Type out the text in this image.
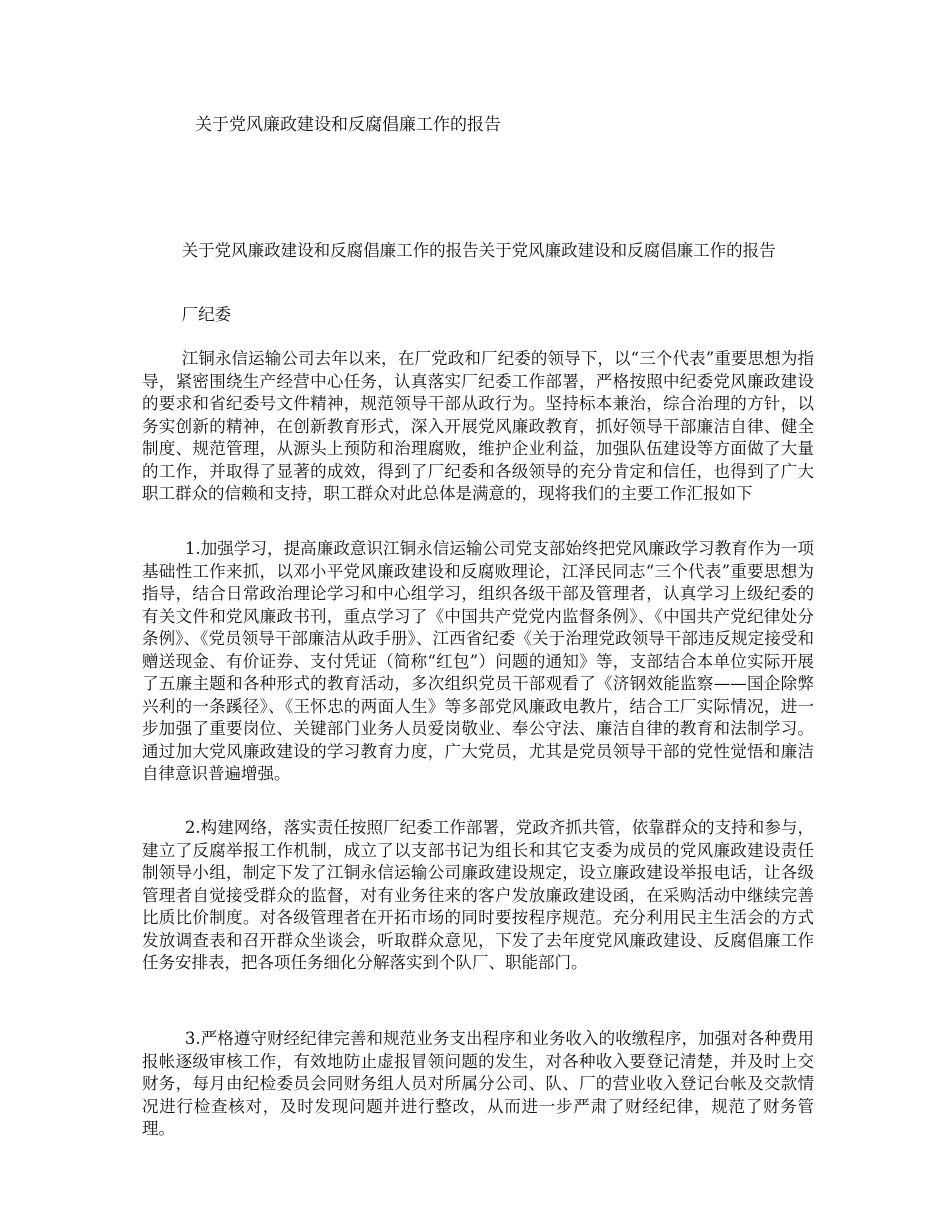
关于党风廉政建设和反腐倡廉工作的报告

关于党风廉政建设和反腐倡廉工作的报告关于党风廉政建设和反腐倡廉工作的报告

厂纪委

江铜永信运输公司去年以来，在厂党政和厂纪委的领导下，以“三个代表”重要思想为指导，紧密围绕生产经营中心任务，认真落实厂纪委工作部署，严格按照中纪委党风廉政建设的要求和省纪委号文件精神，规范领导干部从政行为。坚持标本兼治，综合治理的方针，以务实创新的精神，在创新教育形式，深入开展党风廉政教育，抓好领导干部廉洁自律、健全制度、规范管理，从源头上预防和治理腐败，维护企业利益，加强队伍建设等方面做了大量的工作，并取得了显著的成效，得到了厂纪委和各级领导的充分肯定和信任，也得到了广大职工群众的信赖和支持，职工群众对此总体是满意的，现将我们的主要工作汇报如下

1.加强学习，提高廉政意识江铜永信运输公司党支部始终把党风廉政学习教育作为一项基础性工作来抓，以邓小平党风廉政建设和反腐败理论，江泽民同志“三个代表”重要思想为指导，结合日常政治理论学习和中心组学习，组织各级干部及管理者，认真学习上级纪委的有关文件和党风廉政书刊，重点学习了《中国共产党党内监督条例》、《中国共产党纪律处分条例》、《党员领导干部廉洁从政手册》、江西省纪委《关于治理党政领导干部违反规定接受和赠送现金、有价证券、支付凭证（简称“红包”）问题的通知》等，支部结合本单位实际开展了五廉主题和各种形式的教育活动，多次组织党员干部观看了《济钢效能监察——国企除弊兴利的一条蹊径》、《王怀忠的两面人生》等多部党风廉政电教片，结合工厂实际情况，进一步加强了重要岗位、关键部门业务人员爱岗敬业、奉公守法、廉洁自律的教育和法制学习。通过加大党风廉政建设的学习教育力度，广大党员，尤其是党员领导干部的党性觉悟和廉洁自律意识普遍增强。

2.构建网络，落实责任按照厂纪委工作部署，党政齐抓共管，依靠群众的支持和参与，建立了反腐举报工作机制，成立了以支部书记为组长和其它支委为成员的党风廉政建设责任制领导小组，制定下发了江铜永信运输公司廉政建设规定，设立廉政建设举报电话，让各级管理者自觉接受群众的监督，对有业务往来的客户发放廉政建设函，在采购活动中继续完善比质比价制度。对各级管理者在开拓市场的同时要按程序规范。充分利用民主生活会的方式发放调查表和召开群众坐谈会，听取群众意见，下发了去年度党风廉政建设、反腐倡廉工作任务安排表，把各项任务细化分解落实到个队厂、职能部门。

3.严格遵守财经纪律完善和规范业务支出程序和业务收入的收缴程序，加强对各种费用报帐逐级审核工作，有效地防止虚报冒领问题的发生，对各种收入要登记清楚，并及时上交财务，每月由纪检委员会同财务组人员对所属分公司、队、厂的营业收入登记台帐及交款情况进行检查核对，及时发现问题并进行整改，从而进一步严肃了财经纪律，规范了财务管理。
